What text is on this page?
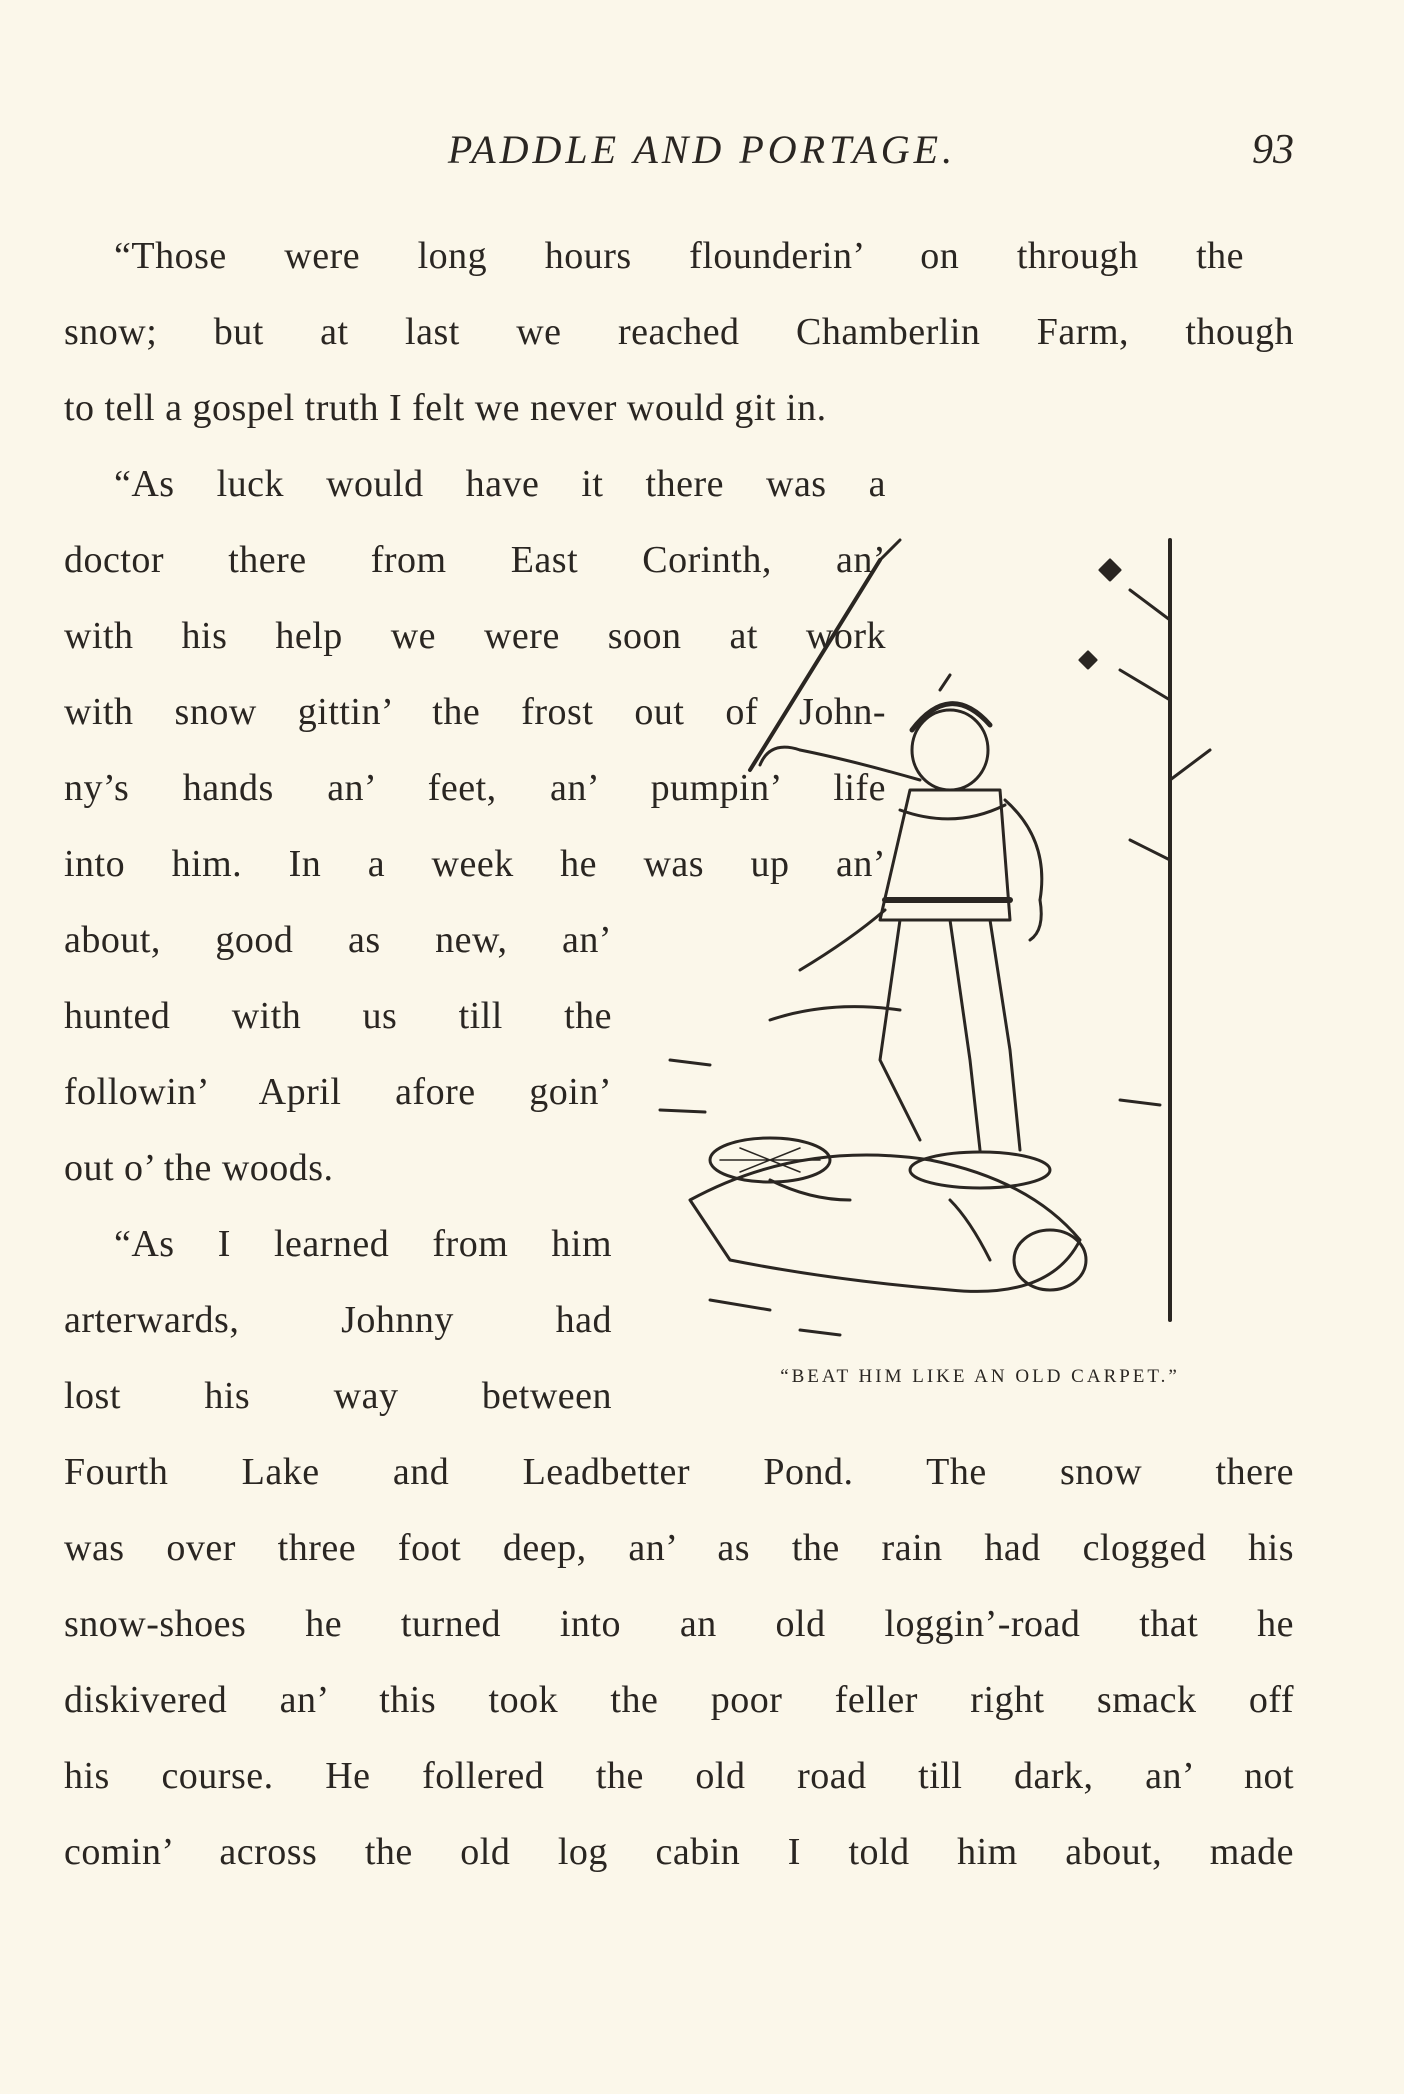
PADDLE AND PORTAGE.	93
“Those were long hours flounderin’ on through the
snow; but at last we reached Chamberlin Farm, though
to tell a gospel truth I felt we never would git in.
“As luck would have it there was a
doctor there from East Corinth, an’
with his help we were soon at work
with snow gittin’ the frost out of John-
ny’s hands an’ feet, an’ pumpin’ life
into him. In a week he was up an’
about, good as new, an’
hunted with us till the
followin’ April afore goin’
out o’ the woods.
“As I learned from him
arterwards, Johnny had
lost his way between
Fourth Lake and Leadbetter Pond. The snow there
was over three foot deep, an’ as the rain had clogged his
snow-shoes he turned into an old loggin’-road that he
diskivered an’ this took the poor feller right smack off
his course. He follered the old road till dark, an’ not
comin’ across the old log cabin I told him about, made
“BEAT HIM LIKE AN OLD CARPET.”
